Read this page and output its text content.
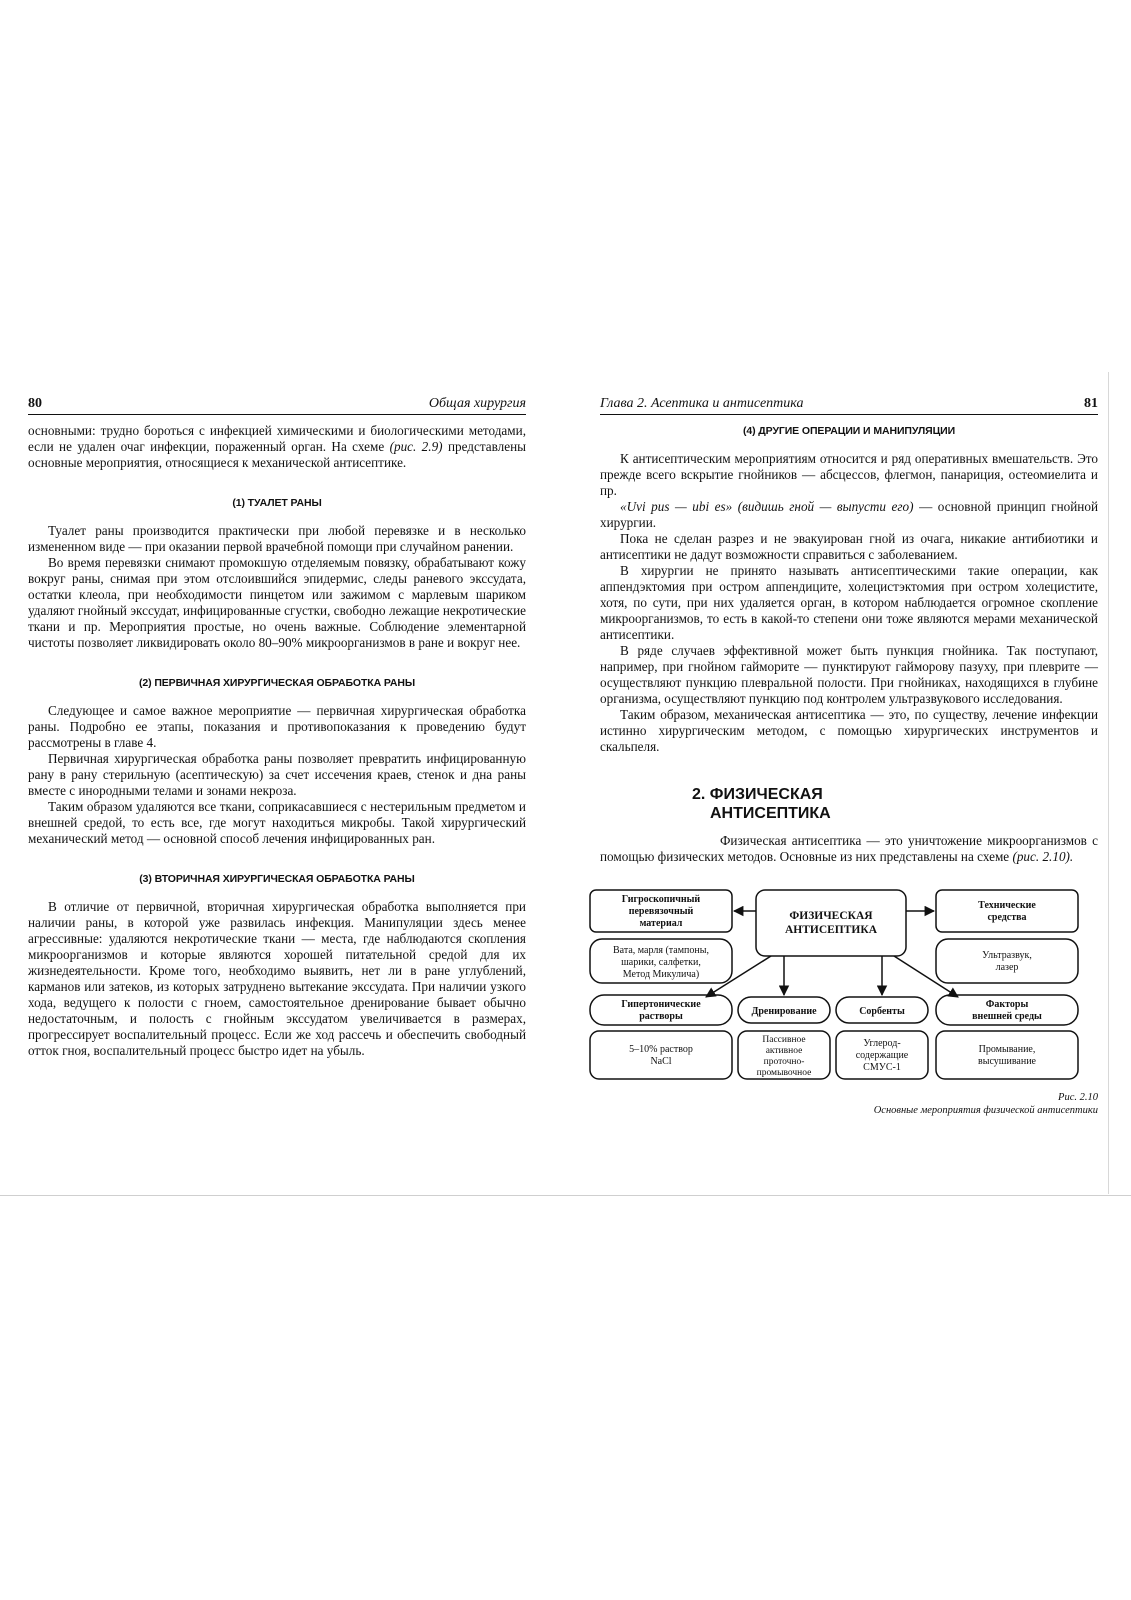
80	Общая хирургия

основными: трудно бороться с инфекцией химическими и биологическими методами, если не удален очаг инфекции, пораженный орган. На схеме (рис. 2.9) представлены основные мероприятия, относящиеся к механической антисептике.

(1) ТУАЛЕТ РАНЫ

Туалет раны производится практически при любой перевязке и в несколько измененном виде — при оказании первой врачебной помощи при случайном ранении.

Во время перевязки снимают промокшую отделяемым повязку, обрабатывают кожу вокруг раны, снимая при этом отслоившийся эпидермис, следы раневого экссудата, остатки клеола, при необходимости пинцетом или зажимом с марлевым шариком удаляют гнойный экссудат, инфицированные сгустки, свободно лежащие некротические ткани и пр. Мероприятия простые, но очень важные. Соблюдение элементарной чистоты позволяет ликвидировать около 80–90% микроорганизмов в ране и вокруг нее.

(2) ПЕРВИЧНАЯ ХИРУРГИЧЕСКАЯ ОБРАБОТКА РАНЫ

Следующее и самое важное мероприятие — первичная хирургическая обработка раны. Подробно ее этапы, показания и противопоказания к проведению будут рассмотрены в главе 4.

Первичная хирургическая обработка раны позволяет превратить инфицированную рану в рану стерильную (асептическую) за счет иссечения краев, стенок и дна раны вместе с инородными телами и зонами некроза.

Таким образом удаляются все ткани, соприкасавшиеся с нестерильным предметом и внешней средой, то есть все, где могут находиться микробы. Такой хирургический механический метод — основной способ лечения инфицированных ран.

(3) ВТОРИЧНАЯ ХИРУРГИЧЕСКАЯ ОБРАБОТКА РАНЫ

В отличие от первичной, вторичная хирургическая обработка выполняется при наличии раны, в которой уже развилась инфекция. Манипуляции здесь менее агрессивные: удаляются некротические ткани — места, где наблюдаются скопления микроорганизмов и которые являются хорошей питательной средой для их жизнедеятельности. Кроме того, необходимо выявить, нет ли в ране углублений, карманов или затеков, из которых затруднено вытекание экссудата. При наличии узкого хода, ведущего к полости с гноем, самостоятельное дренирование бывает обычно недостаточным, и полость с гнойным экссудатом увеличивается в размерах, прогрессирует воспалительный процесс. Если же ход рассечь и обеспечить свободный отток гноя, воспалительный процесс быстро идет на убыль.

Глава 2. Асептика и антисептика	81
(4) ДРУГИЕ ОПЕРАЦИИ И МАНИПУЛЯЦИИ

К антисептическим мероприятиям относится и ряд оперативных вмешательств. Это прежде всего вскрытие гнойников — абсцессов, флегмон, панариция, остеомиелита и пр.

«Uvi pus — ubi es» (видишь гной — выпусти его) — основной принцип гнойной хирургии.

Пока не сделан разрез и не эвакуирован гной из очага, никакие антибиотики и антисептики не дадут возможности справиться с заболеванием.

В хирургии не принято называть антисептическими такие операции, как аппендэктомия при остром аппендиците, холецистэктомия при остром холецистите, хотя, по сути, при них удаляется орган, в котором наблюдается огромное скопление микроорганизмов, то есть в какой-то степени они тоже являются мерами механической антисептики.

В ряде случаев эффективной может быть пункция гнойника. Так поступают, например, при гнойном гайморите — пунктируют гайморову пазуху, при плеврите — осуществляют пункцию плевральной полости. При гнойниках, находящихся в глубине организма, осуществляют пункцию под контролем ультразвукового исследования.

Таким образом, механическая антисептика — это, по существу, лечение инфекции истинно хирургическим методом, с помощью хирургических инструментов и скальпеля.

2. ФИЗИЧЕСКАЯ
АНТИСЕПТИКА

Физическая антисептика — это уничтожение микроорганизмов с помощью физических методов. Основные из них представлены на схеме (рис. 2.10).

ФИЗИЧЕСКАЯ
АНТИСЕПТИКА
Гигроскопичный
перевязочный
материал
Вата, марля (тампоны,
шарики, салфетки,
Метод Микулича)
Технические
средства
Ультразвук,
лазер
Гипертонические
растворы
5–10% раствор
NaCl
Дренирование
Пассивное
активное
проточно-
промывочное
Сорбенты
Углерод-
содержащие
СМУС-1
Факторы
внешней среды
Промывание,
высушивание
Рис. 2.10
Основные мероприятия физической антисептики
